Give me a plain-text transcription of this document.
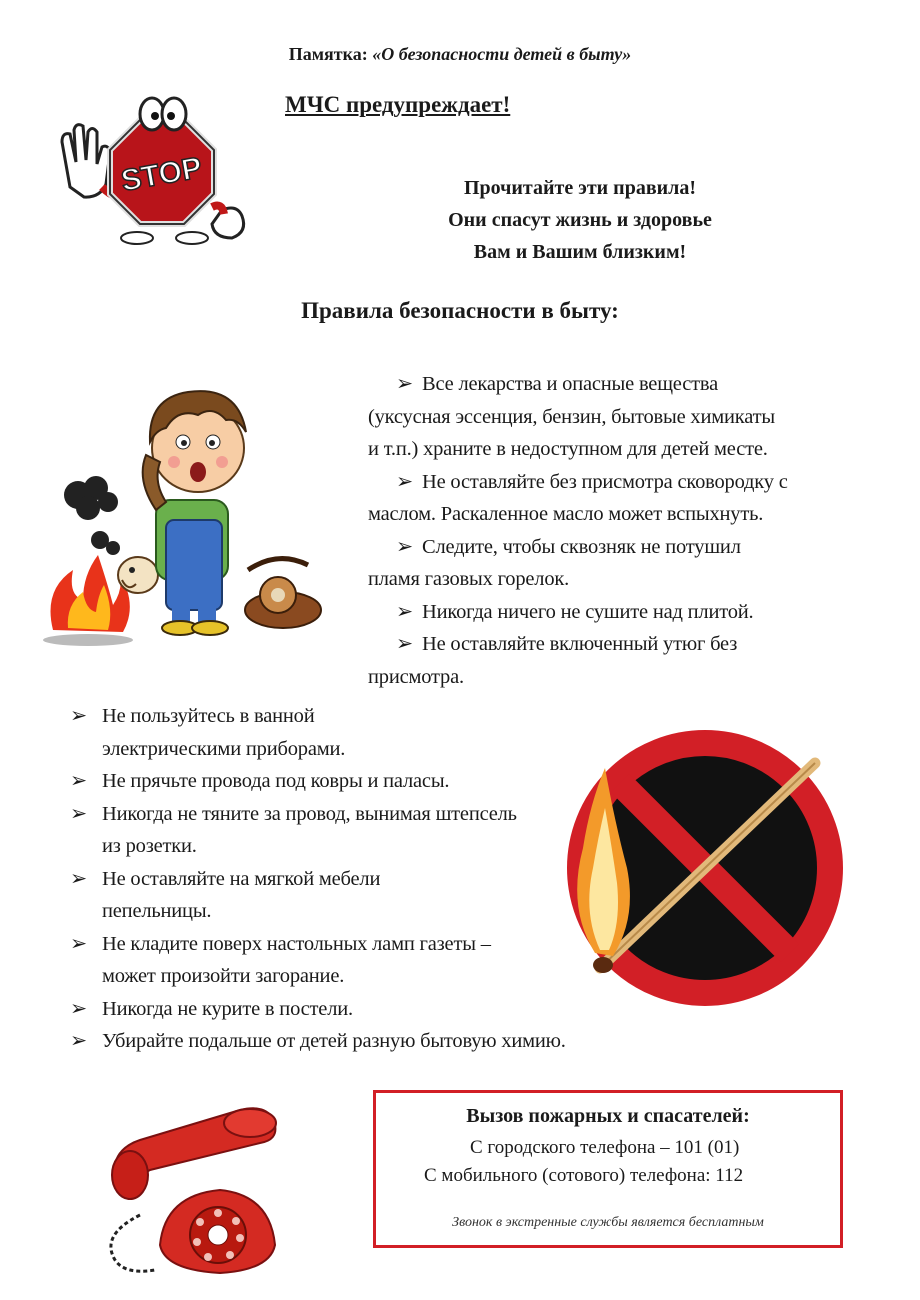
Памятка: «О безопасности детей в быту»
МЧС предупреждает!
STOP	Прочитайте эти правила!
Они спасут жизнь и здоровье
Вам и Вашим близким!
Правила безопасности в быту:
➢ Все лекарства и опасные вещества
(уксусная эссенция, бензин, бытовые химикаты
и т.п.) храните в недоступном для детей месте.
➢ Не оставляйте без присмотра сковородку с
маслом. Раскаленное масло может вспыхнуть.
➢ Следите, чтобы сквозняк не потушил
пламя газовых горелок.
➢ Никогда ничего не сушите над плитой.
➢ Не оставляйте включенный утюг без
присмотра.
➢ Не пользуйтесь в ванной электрическими приборами.
➢ Не прячьте провода под ковры и паласы.
➢ Никогда не тяните за провод, вынимая штепсель из розетки.
➢ Не оставляйте на мягкой мебели пепельницы.
➢ Не кладите поверх настольных ламп газеты – может произойти загорание.
➢ Никогда не курите в постели.
➢ Убирайте подальше от детей разную бытовую химию.
Вызов пожарных и спасателей:
С городского телефона – 101 (01)
С мобильного (сотового) телефона: 112
Звонок в экстренные службы является бесплатным
